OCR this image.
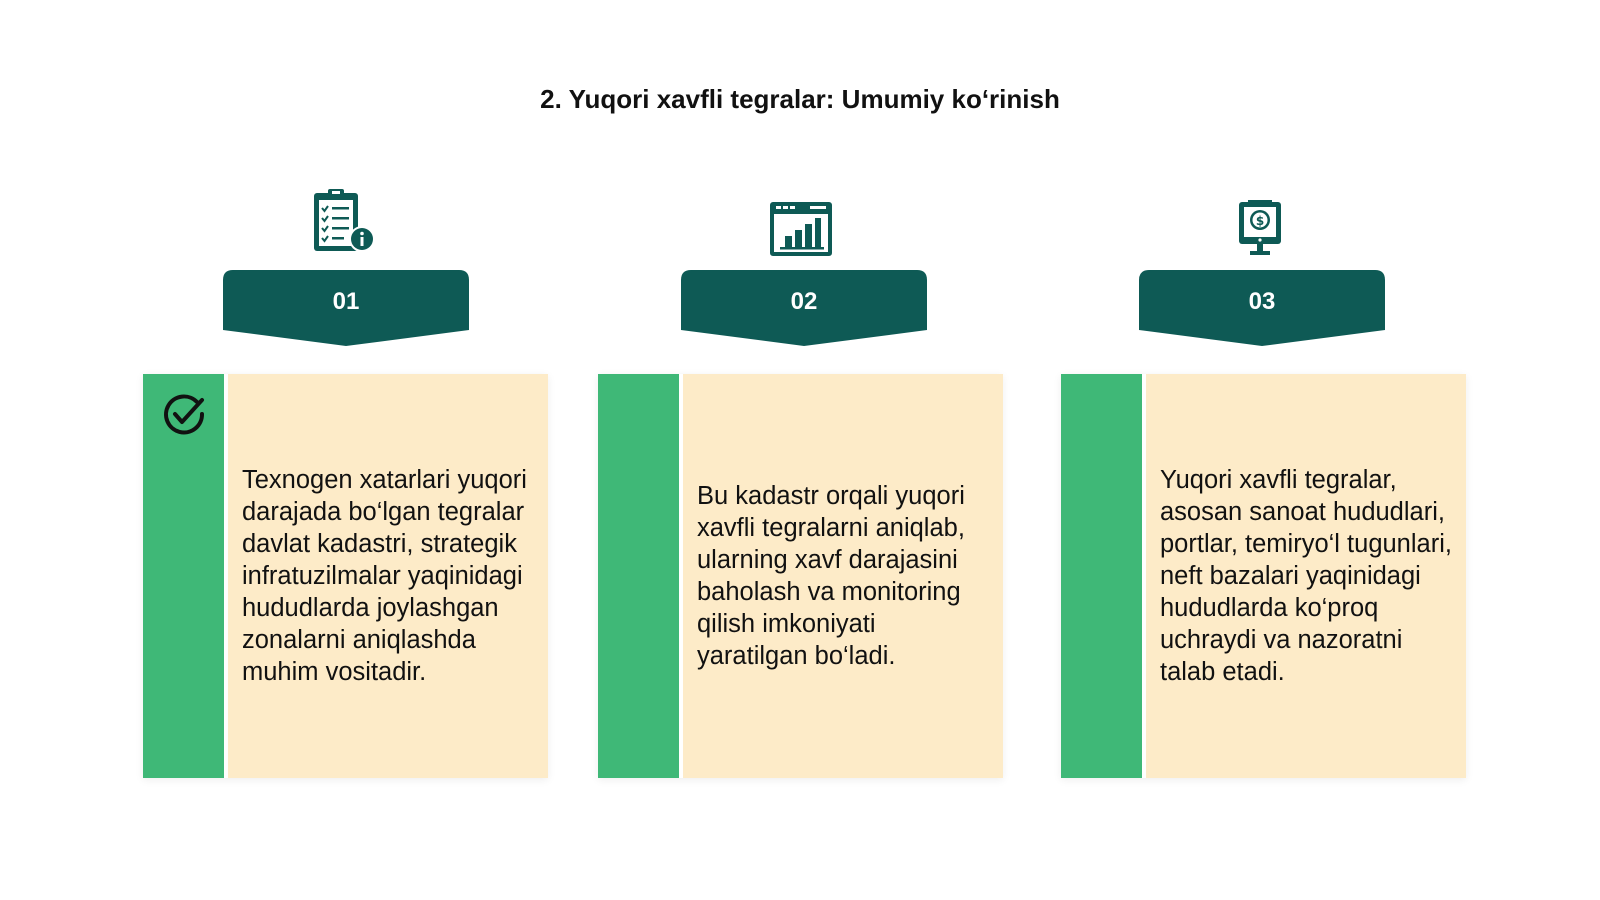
2. Yuqori xavfli tegralar: Umumiy ko‘rinish
$
01	02	03
Texnogen xatarlari yuqori darajada bo‘lgan tegralar davlat kadastri, strategik infratuzilmalar yaqinidagi hududlarda joylashgan zonalarni aniqlashda muhim vositadir.
Bu kadastr orqali yuqori xavfli tegralarni aniqlab, ularning xavf darajasini baholash va monitoring qilish imkoniyati yaratilgan bo‘ladi.
Yuqori xavfli tegralar, asosan sanoat hududlari, portlar, temiryo‘l tugunlari, neft bazalari yaqinidagi hududlarda ko‘proq uchraydi va nazoratni talab etadi.
